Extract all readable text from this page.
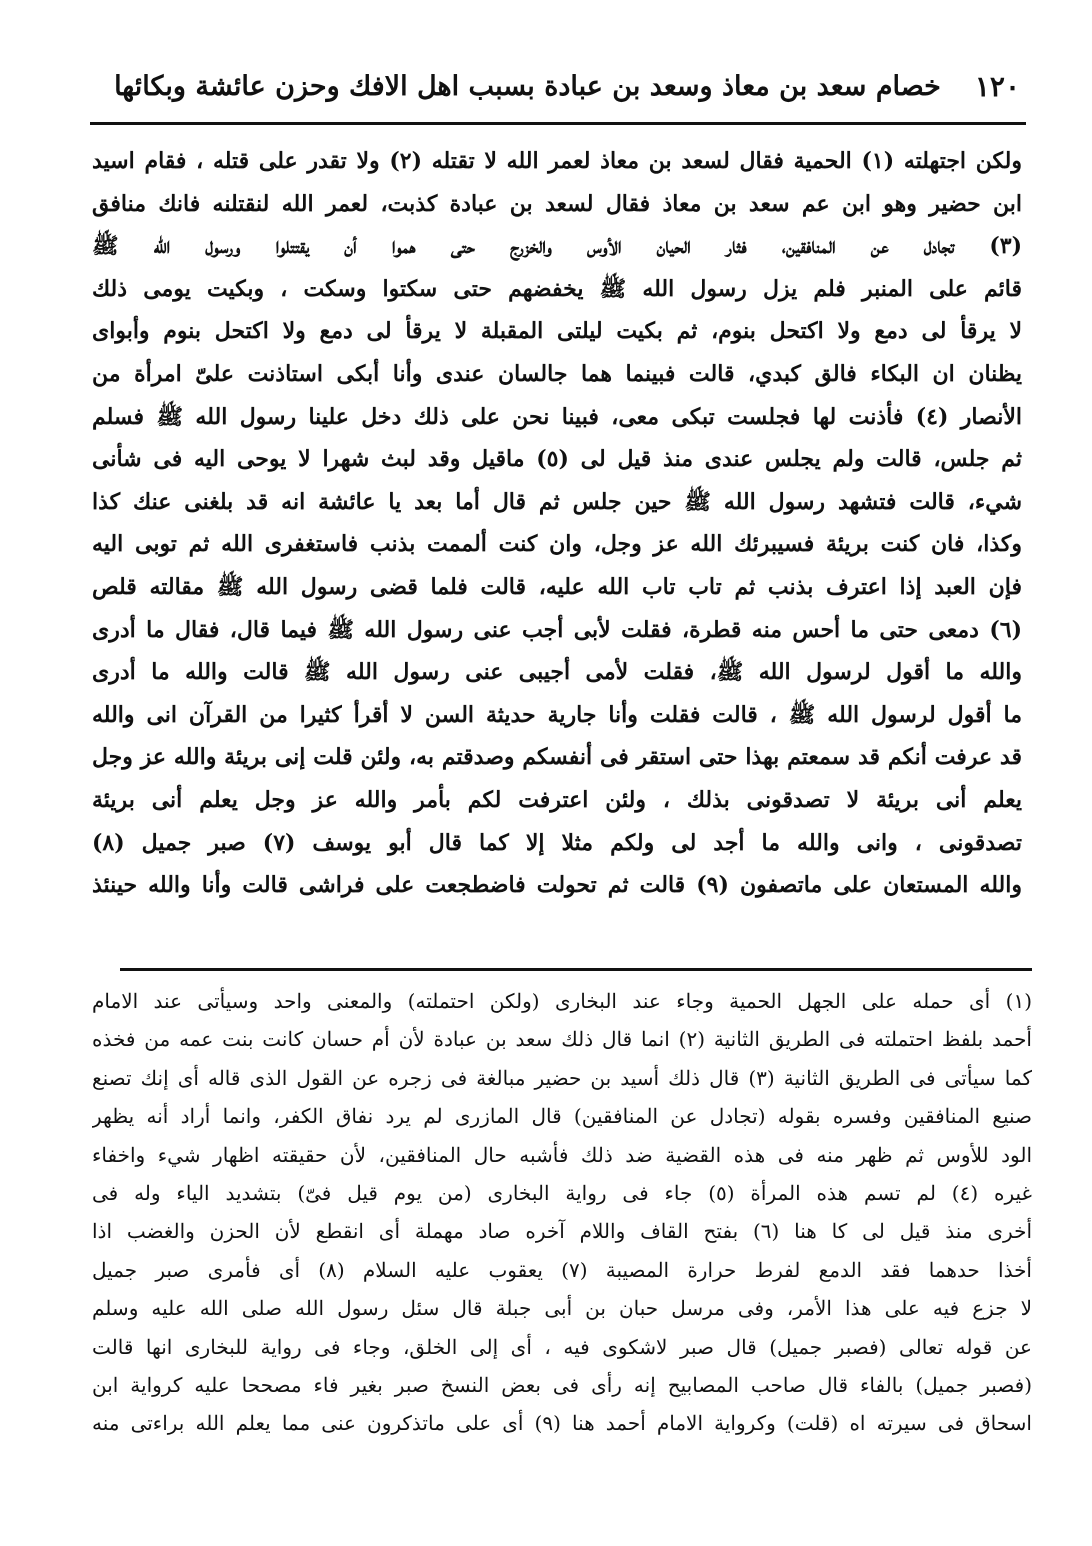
١٢٠
خصام سعد بن معاذ وسعد بن عبادة بسبب اهل الافك وحزن عائشة وبكائها
ولكن اجتهلته (١) الحمية فقال لسعد بن معاذ لعمر الله لا تقتله (٢) ولا تقدر على قتله ، فقام اسيد
ابن حضير وهو ابن عم سعد بن معاذ فقال لسعد بن عبادة كذبت، لعمر الله لنقتلنه فانك منافق
(٣) تجادل عن المنافقين، فثار الحيان الأوس والخزرج حتى هموا أن يقتتلوا ورسول الله ﷺ
قائم على المنبر فلم يزل رسول الله ﷺ يخفضهم حتى سكتوا وسكت ، وبكيت يومى ذلك
لا يرقأ لى دمع ولا اكتحل بنوم، ثم بكيت ليلتى المقبلة لا يرقأ لى دمع ولا اكتحل بنوم وأبواى
يظنان ان البكاء فالق كبدي، قالت فبينما هما جالسان عندى وأنا أبكى استاذنت علىّ امرأة من
الأنصار (٤) فأذنت لها فجلست تبكى معى، فبينا نحن على ذلك دخل علينا رسول الله ﷺ فسلم
ثم جلس، قالت ولم يجلس عندى منذ قيل لى (٥) ماقيل وقد لبث شهرا لا يوحى اليه فى شأنى
شيء، قالت فتشهد رسول الله ﷺ حين جلس ثم قال أما بعد يا عائشة انه قد بلغنى عنك كذا
وكذا، فان كنت بريئة فسيبرئك الله عز وجل، وان كنت ألممت بذنب فاستغفرى الله ثم توبى اليه
فإن العبد إذا اعترف بذنب ثم تاب تاب الله عليه، قالت فلما قضى رسول الله ﷺ مقالته قلص
(٦) دمعى حتى ما أحس منه قطرة، فقلت لأبى أجب عنى رسول الله ﷺ فيما قال، فقال ما أدرى
والله ما أقول لرسول الله ﷺ، فقلت لأمى أجيبى عنى رسول الله ﷺ قالت والله ما أدرى
ما أقول لرسول الله ﷺ ، قالت فقلت وأنا جارية حديثة السن لا أقرأ كثيرا من القرآن انى والله
قد عرفت أنكم قد سمعتم بهذا حتى استقر فى أنفسكم وصدقتم به، ولئن قلت إنى بريئة والله عز وجل
يعلم أنى بريئة لا تصدقونى بذلك ، ولئن اعترفت لكم بأمر والله عز وجل يعلم أنى بريئة
تصدقونى ، وانى والله ما أجد لى ولكم مثلا إلا كما قال أبو يوسف (٧) صبر جميل (٨)
والله المستعان على ماتصفون (٩) قالت ثم تحولت فاضطجعت على فراشى قالت وأنا والله حينئذ
(١) أى حمله على الجهل الحمية وجاء عند البخارى (ولكن احتملته) والمعنى واحد وسيأتى عند الامام
أحمد بلفظ احتملته فى الطريق الثانية (٢) انما قال ذلك سعد بن عبادة لأن أم حسان كانت بنت عمه من فخذه
كما سيأتى فى الطريق الثانية (٣) قال ذلك أسيد بن حضير مبالغة فى زجره عن القول الذى قاله أى إنك تصنع
صنيع المنافقين وفسره بقوله (تجادل عن المنافقين) قال المازرى لم يرد نفاق الكفر، وانما أراد أنه يظهر
الود للأوس ثم ظهر منه فى هذه القضية ضد ذلك فأشبه حال المنافقين، لأن حقيقته اظهار شيء واخفاء
غيره (٤) لم تسم هذه المرأة (٥) جاء فى رواية البخارى (من يوم قيل فىّ) بتشديد الياء وله فى
أخرى منذ قيل لى كا هنا (٦) بفتح القاف واللام آخره صاد مهملة أى انقطع لأن الحزن والغضب اذا
أخذا حدهما فقد الدمع لفرط حرارة المصيبة (٧) يعقوب عليه السلام (٨) أى فأمرى صبر جميل
لا جزع فيه على هذا الأمر، وفى مرسل حبان بن أبى جبلة قال سئل رسول الله صلى الله عليه وسلم
عن قوله تعالى (فصبر جميل) قال صبر لاشكوى فيه ، أى إلى الخلق، وجاء فى رواية للبخارى انها قالت
(فصبر جميل) بالفاء قال صاحب المصابيح إنه رأى فى بعض النسخ صبر بغير فاء مصححا عليه كرواية ابن
اسحاق فى سيرته اه (قلت) وكرواية الامام أحمد هنا (٩) أى على ماتذكرون عنى مما يعلم الله براءتى منه
